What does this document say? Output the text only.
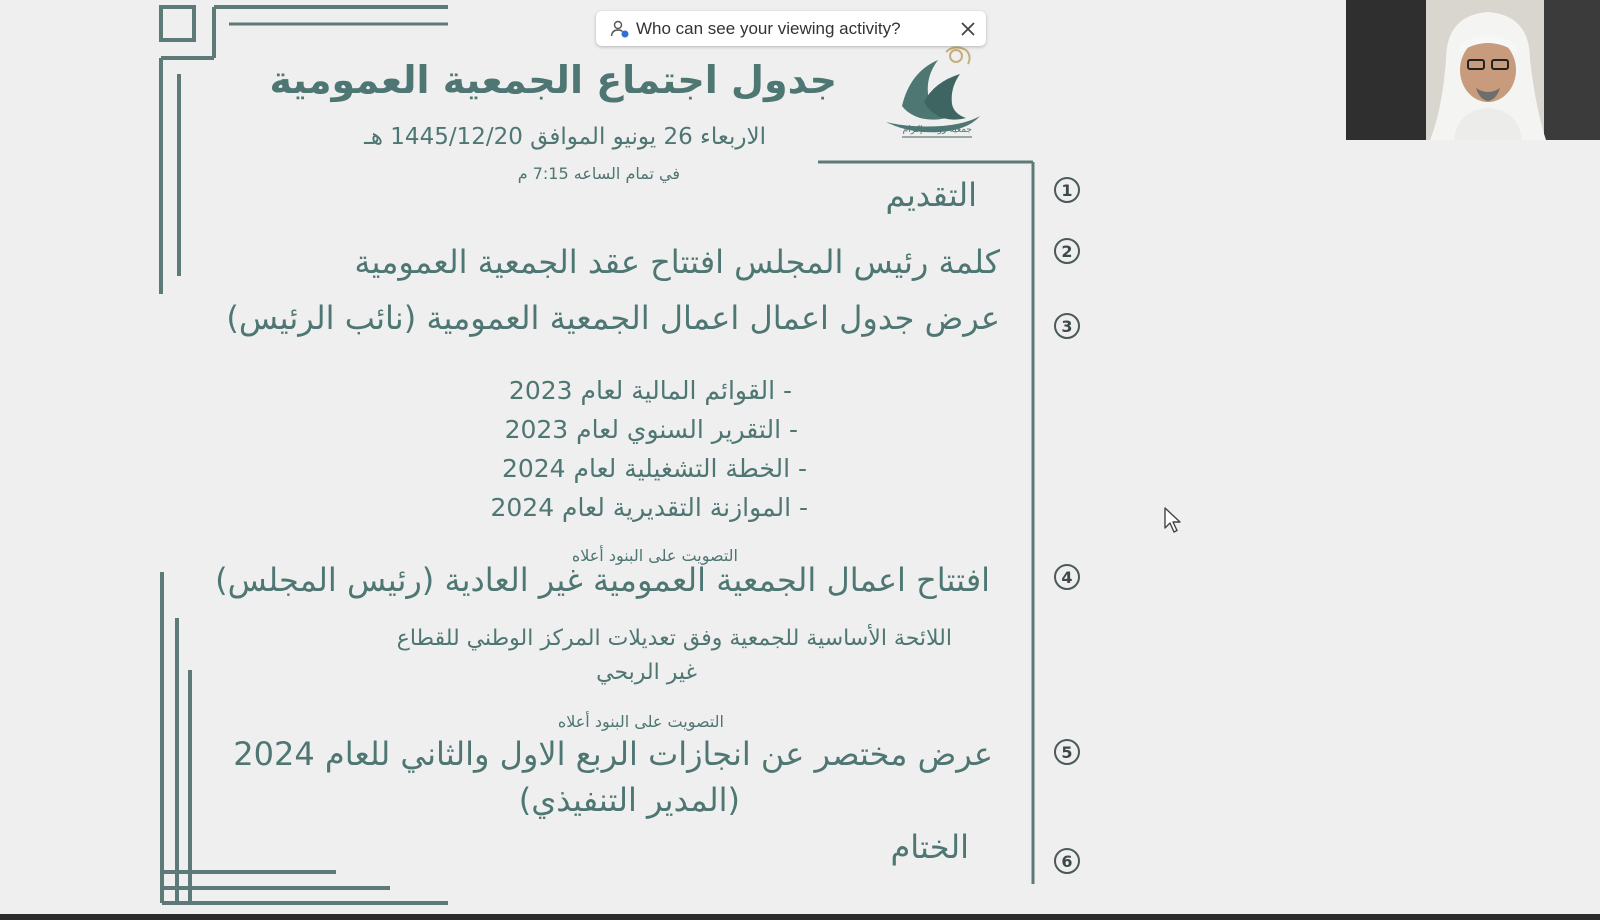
جمعية روضة إكرام
جدول اجتماع الجمعية العمومية
الاربعاء 26 يونيو الموافق 1445/12/20 هـ
في تمام الساعه 7:15 م
1
2
3
4
5
6
التقديم
كلمة رئيس المجلس افتتاح عقد الجمعية العمومية
عرض جدول اعمال اعمال الجمعية العمومية (نائب الرئيس)
- القوائم المالية لعام 2023
- التقرير السنوي لعام 2023
- الخطة التشغيلية لعام 2024
- الموازنة التقديرية لعام 2024
التصويت على البنود أعلاه
افتتاح اعمال الجمعية العمومية غير العادية (رئيس المجلس)
اللائحة الأساسية للجمعية وفق تعديلات المركز الوطني للقطاع
غير الربحي
التصويت على البنود أعلاه
عرض مختصر عن انجازات الربع الاول والثاني للعام 2024
(المدير التنفيذي)
الختام
Who can see your viewing activity?
